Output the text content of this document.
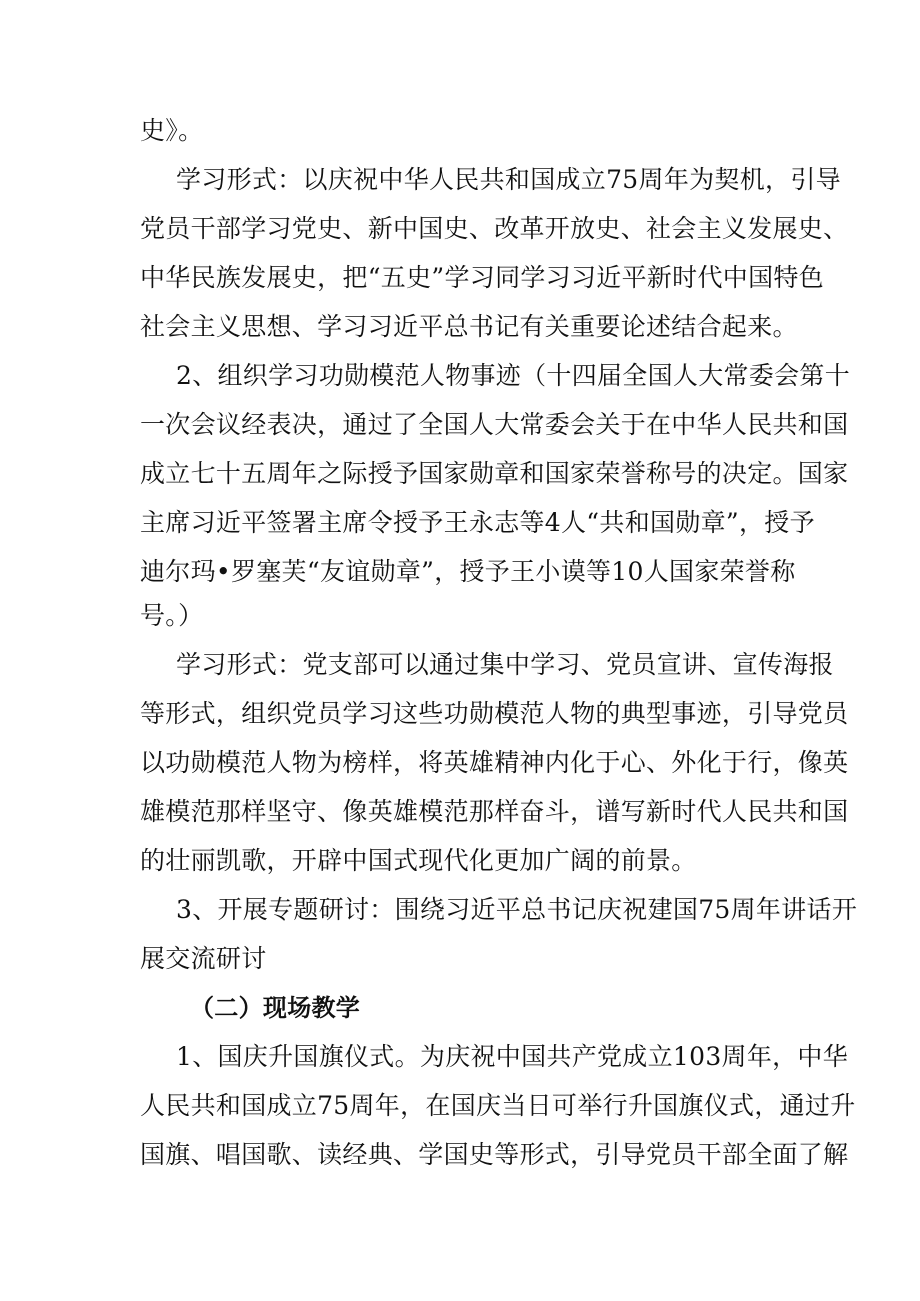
史》。

学习形式：以庆祝中华人民共和国成立75周年为契机，引导

党员干部学习党史、新中国史、改革开放史、社会主义发展史、

中华民族发展史，把“五史”学习同学习习近平新时代中国特色

社会主义思想、学习习近平总书记有关重要论述结合起来。

2、组织学习功勋模范人物事迹（十四届全国人大常委会第十

一次会议经表决，通过了全国人大常委会关于在中华人民共和国

成立七十五周年之际授予国家勋章和国家荣誉称号的决定。国家

主席习近平签署主席令授予王永志等4人“共和国勋章”，授予

迪尔玛•罗塞芙“友谊勋章”，授予王小谟等10人国家荣誉称

号。）

学习形式：党支部可以通过集中学习、党员宣讲、宣传海报

等形式，组织党员学习这些功勋模范人物的典型事迹，引导党员

以功勋模范人物为榜样，将英雄精神内化于心、外化于行，像英

雄模范那样坚守、像英雄模范那样奋斗，谱写新时代人民共和国

的壮丽凯歌，开辟中国式现代化更加广阔的前景。

3、开展专题研讨：围绕习近平总书记庆祝建国75周年讲话开

展交流研讨

（二）现场教学

1、国庆升国旗仪式。为庆祝中国共产党成立103周年，中华

人民共和国成立75周年，在国庆当日可举行升国旗仪式，通过升

国旗、唱国歌、读经典、学国史等形式，引导党员干部全面了解
